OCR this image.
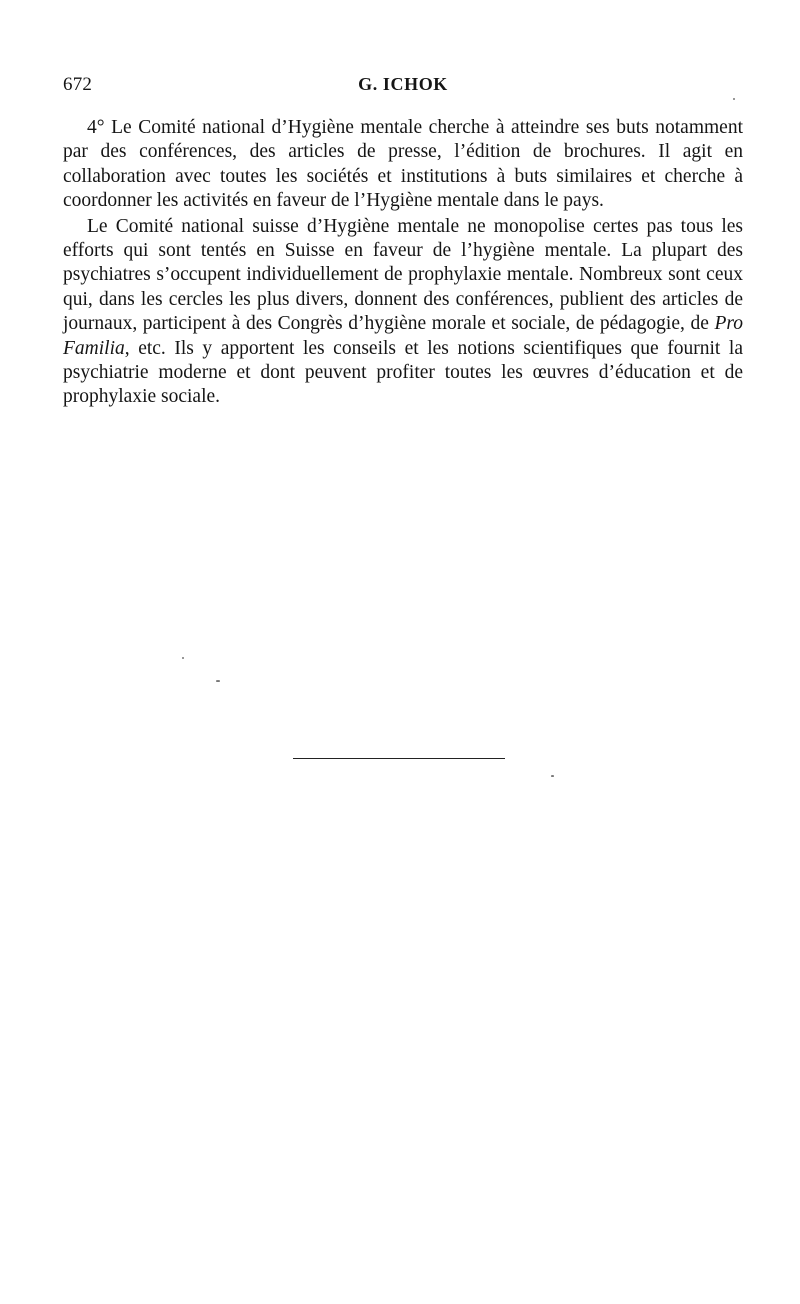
672	G. ICHOK

4° Le Comité national d’Hygiène mentale cherche à atteindre ses buts notamment par des conférences, des articles de presse, l’édition de brochures. Il agit en collaboration avec toutes les sociétés et institutions à buts similaires et cherche à coordonner les activités en faveur de l’Hygiène mentale dans le pays.

Le Comité national suisse d’Hygiène mentale ne monopolise certes pas tous les efforts qui sont tentés en Suisse en faveur de l’hygiène mentale. La plupart des psychiatres s’occupent individuellement de prophylaxie mentale. Nombreux sont ceux qui, dans les cercles les plus divers, donnent des conférences, publient des articles de journaux, participent à des Congrès d’hygiène morale et sociale, de pédagogie, de Pro Familia, etc. Ils y apportent les conseils et les notions scientifiques que fournit la psychiatrie moderne et dont peuvent profiter toutes les œuvres d’éducation et de prophylaxie sociale.
